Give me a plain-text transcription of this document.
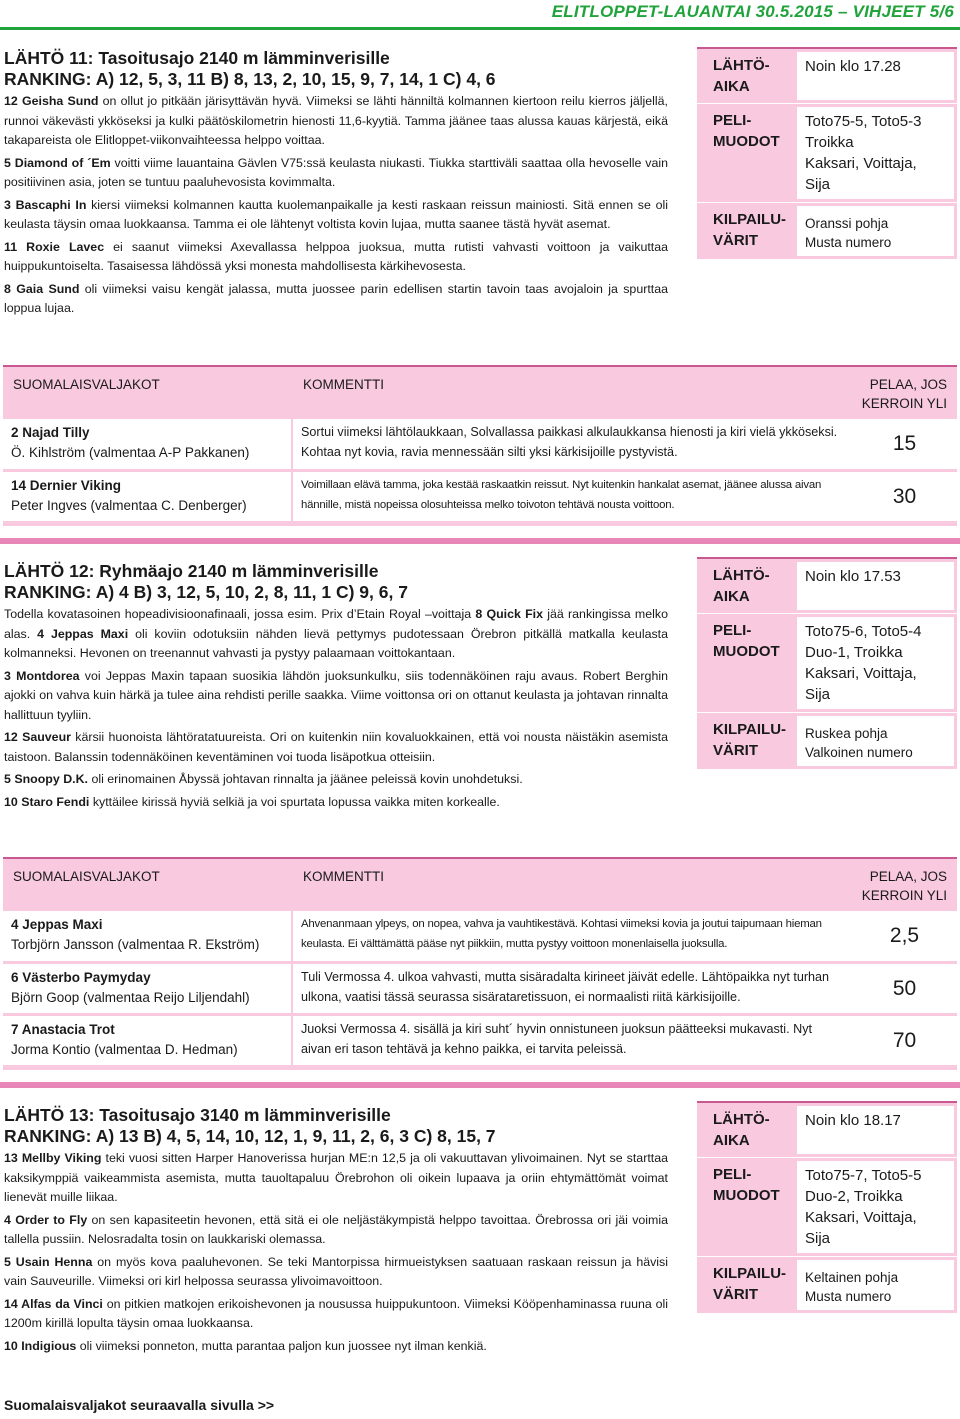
ELITLOPPET-LAUANTAI 30.5.2015 – VIHJEET 5/6
LÄHTÖ 11: Tasoitusajo 2140 m lämminverisille
RANKING: A) 12, 5, 3, 11 B) 8, 13, 2, 10, 15, 9, 7, 14, 1 C) 4, 6

12 Geisha Sund on ollut jo pitkään järisyttävän hyvä. Viimeksi se lähti hänniltä kolmannen kiertoon reilu kierros jäljellä, runnoi väkevästi ykköseksi ja kulki päätöskilometrin hienosti 11,6-kyytiä. Tamma jäänee taas alussa kauas kärjestä, eikä takapareista ole Elitloppet-viikonvaihteessa helppo voittaa.

5 Diamond of ´Em voitti viime lauantaina Gävlen V75:ssä keulasta niukasti. Tiukka starttiväli saattaa olla hevoselle vain positiivinen asia, joten se tuntuu paaluhevosista kovimmalta.

3 Bascaphi In kiersi viimeksi kolmannen kautta kuolemanpaikalle ja kesti raskaan reissun mainiosti. Sitä ennen se oli keulasta täysin omaa luokkaansa. Tamma ei ole lähtenyt voltista kovin lujaa, mutta saanee tästä hyvät asemat.

11 Roxie Lavec ei saanut viimeksi Axevallassa helppoa juoksua, mutta rutisti vahvasti voittoon ja vaikuttaa huippukuntoiselta. Tasaisessa lähdössä yksi monesta mahdollisesta kärkihevosesta.

8 Gaia Sund oli viimeksi vaisu kengät jalassa, mutta juossee parin edellisen startin tavoin taas avojaloin ja spurttaa loppua lujaa.

LÄHTÖ-
AIKA
Noin klo 17.28
PELI-
MUODOT
Toto75-5, Toto5-3
Troikka
Kaksari, Voittaja,
Sija
KILPAILU-
VÄRIT
Oranssi pohja
Musta numero
SUOMALAISVALJAKOT	KOMMENTTI	PELAA, JOS
KERROIN YLI
2 Najad Tilly
Ö. Kihlström (valmentaa A-P Pakkanen)
Sortui viimeksi lähtölaukkaan, Solvallassa paikkasi alkulaukkansa hienosti ja kiri vielä ykköseksi. Kohtaa nyt kovia, ravia mennessään silti yksi kärkisijoille pystyvistä.	15
14 Dernier Viking
Peter Ingves (valmentaa C. Denberger)
Voimillaan elävä tamma, joka kestää raskaatkin reissut. Nyt kuitenkin hankalat asemat, jäänee alussa aivan hännille, mistä nopeissa olosuhteissa melko toivoton tehtävä nousta voittoon.	30
LÄHTÖ 12: Ryhmäajo 2140 m lämminverisille
RANKING: A) 4 B) 3, 12, 5, 10, 2, 8, 11, 1 C) 9, 6, 7

Todella kovatasoinen hopeadivisioonafinaali, jossa esim. Prix d’Etain Royal –voittaja 8 Quick Fix jää rankingissa melko alas. 4 Jeppas Maxi oli koviin odotuksiin nähden lievä pettymys pudotessaan Örebron pitkällä matkalla keulasta kolmanneksi. Hevonen on treenannut vahvasti ja pystyy palaamaan voittokantaan.

3 Montdorea voi Jeppas Maxin tapaan suosikia lähdön juoksunkulku, siis todennäköinen raju avaus. Robert Berghin ajokki on vahva kuin härkä ja tulee aina rehdisti perille saakka. Viime voittonsa ori on ottanut keulasta ja johtavan rinnalta hallittuun tyyliin.

12 Sauveur kärsii huonoista lähtöratatuureista. Ori on kuitenkin niin kovaluokkainen, että voi nousta näistäkin asemista taistoon. Balanssin todennäköinen keventäminen voi tuoda lisäpotkua otteisiin.

5 Snoopy D.K. oli erinomainen Åbyssä johtavan rinnalta ja jäänee peleissä kovin unohdetuksi.

10 Staro Fendi kyttäilee kirissä hyviä selkiä ja voi spurtata lopussa vaikka miten korkealle.

LÄHTÖ-
AIKA
Noin klo 17.53
PELI-
MUODOT
Toto75-6, Toto5-4
Duo-1, Troikka
Kaksari, Voittaja,
Sija
KILPAILU-
VÄRIT
Ruskea pohja
Valkoinen numero
SUOMALAISVALJAKOT	KOMMENTTI	PELAA, JOS
KERROIN YLI
4 Jeppas Maxi
Torbjörn Jansson (valmentaa R. Ekström)
Ahvenanmaan ylpeys, on nopea, vahva ja vauhtikestävä. Kohtasi viimeksi kovia ja joutui taipumaan hieman keulasta. Ei välttämättä pääse nyt piikkiin, mutta pystyy voittoon monenlaisella juoksulla.	2,5
6 Västerbo Paymyday
Björn Goop (valmentaa Reijo Liljendahl)
Tuli Vermossa 4. ulkoa vahvasti, mutta sisäradalta kirineet jäivät edelle. Lähtöpaikka nyt turhan ulkona, vaatisi tässä seurassa sisärataretissuon, ei normaalisti riitä kärkisijoille.	50
7 Anastacia Trot
Jorma Kontio (valmentaa D. Hedman)
Juoksi Vermossa 4. sisällä ja kiri suht´ hyvin onnistuneen juoksun päätteeksi mukavasti. Nyt aivan eri tason tehtävä ja kehno paikka, ei tarvita peleissä.	70
LÄHTÖ 13: Tasoitusajo 3140 m lämminverisille
RANKING: A) 13 B) 4, 5, 14, 10, 12, 1, 9, 11, 2, 6, 3 C) 8, 15, 7

13 Mellby Viking teki vuosi sitten Harper Hanoverissa hurjan ME:n 12,5 ja oli vakuuttavan ylivoimainen. Nyt se starttaa kaksikymppiä vaikeammista asemista, mutta tauoltapaluu Örebrohon oli oikein lupaava ja oriin ehtymättömät voimat lienevät muille liikaa.

4 Order to Fly on sen kapasiteetin hevonen, että sitä ei ole neljästäkympistä helppo tavoittaa. Örebrossa ori jäi voimia tallella pussiin. Nelosradalta tosin on laukkariski olemassa.

5 Usain Henna on myös kova paaluhevonen. Se teki Mantorpissa hirmueistyksen saatuaan raskaan reissun ja hävisi vain Sauveurille. Viimeksi ori kirl helpossa seurassa ylivoimavoittoon.

14 Alfas da Vinci on pitkien matkojen erikoishevonen ja nousussa huippukuntoon. Viimeksi Kööpenhaminassa ruuna oli 1200m kirillä lopulta täysin omaa luokkaansa.

10 Indigious oli viimeksi ponneton, mutta parantaa paljon kun juossee nyt ilman kenkiä.

LÄHTÖ-
AIKA
Noin klo 18.17
PELI-
MUODOT
Toto75-7, Toto5-5
Duo-2, Troikka
Kaksari, Voittaja,
Sija
KILPAILU-
VÄRIT
Keltainen pohja
Musta numero
Suomalaisvaljakot seuraavalla sivulla >>
